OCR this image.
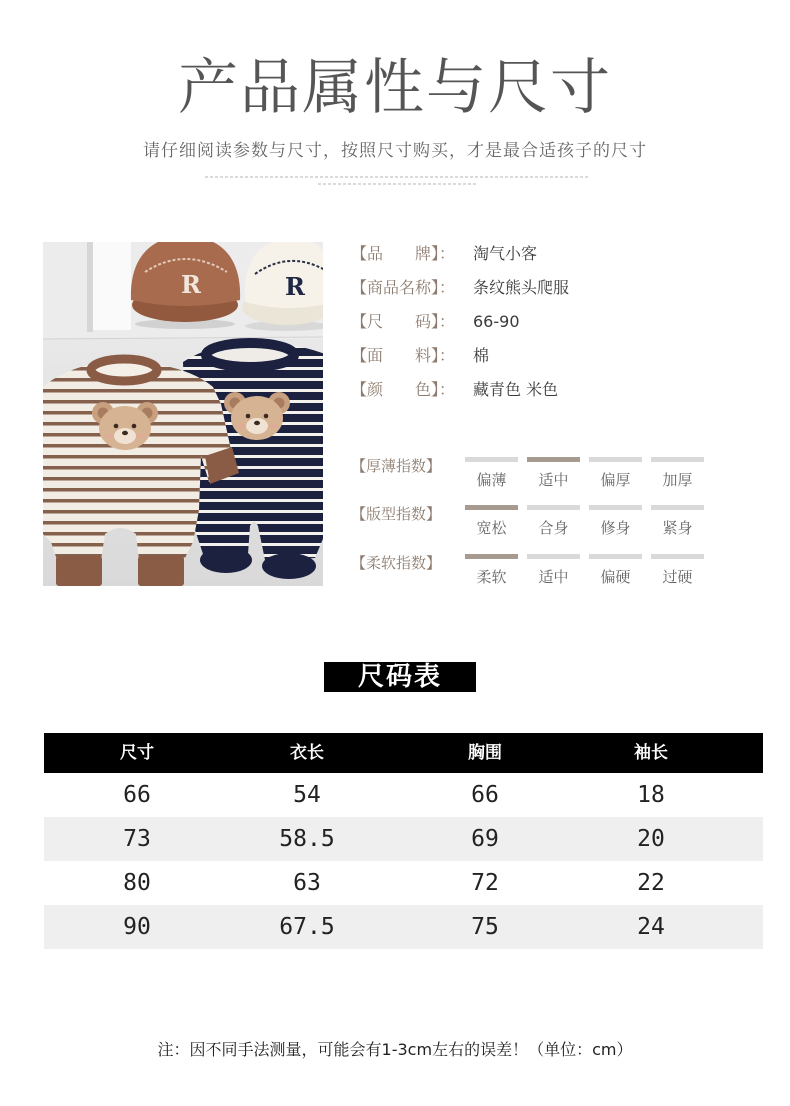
产品属性与尺寸
请仔细阅读参数与尺寸，按照尺寸购买，才是最合适孩子的尺寸
R	R
【品　　牌】： 淘气小客
【商品名称】： 条纹熊头爬服
【尺　　码】： 66-90
【面　　料】： 棉
【颜　　色】： 藏青色 米色
【厚薄指数】
偏薄	适中	偏厚	加厚
【版型指数】
宽松	合身	修身	紧身
【柔软指数】
柔软	适中	偏硬	过硬
尺码表
尺寸	衣长	胸围	袖长
66	54	66	18
73	58.5	69	20
80	63	72	22
90	67.5	75	24
注：因不同手法测量，可能会有1-3cm左右的误差！（单位：cm）
